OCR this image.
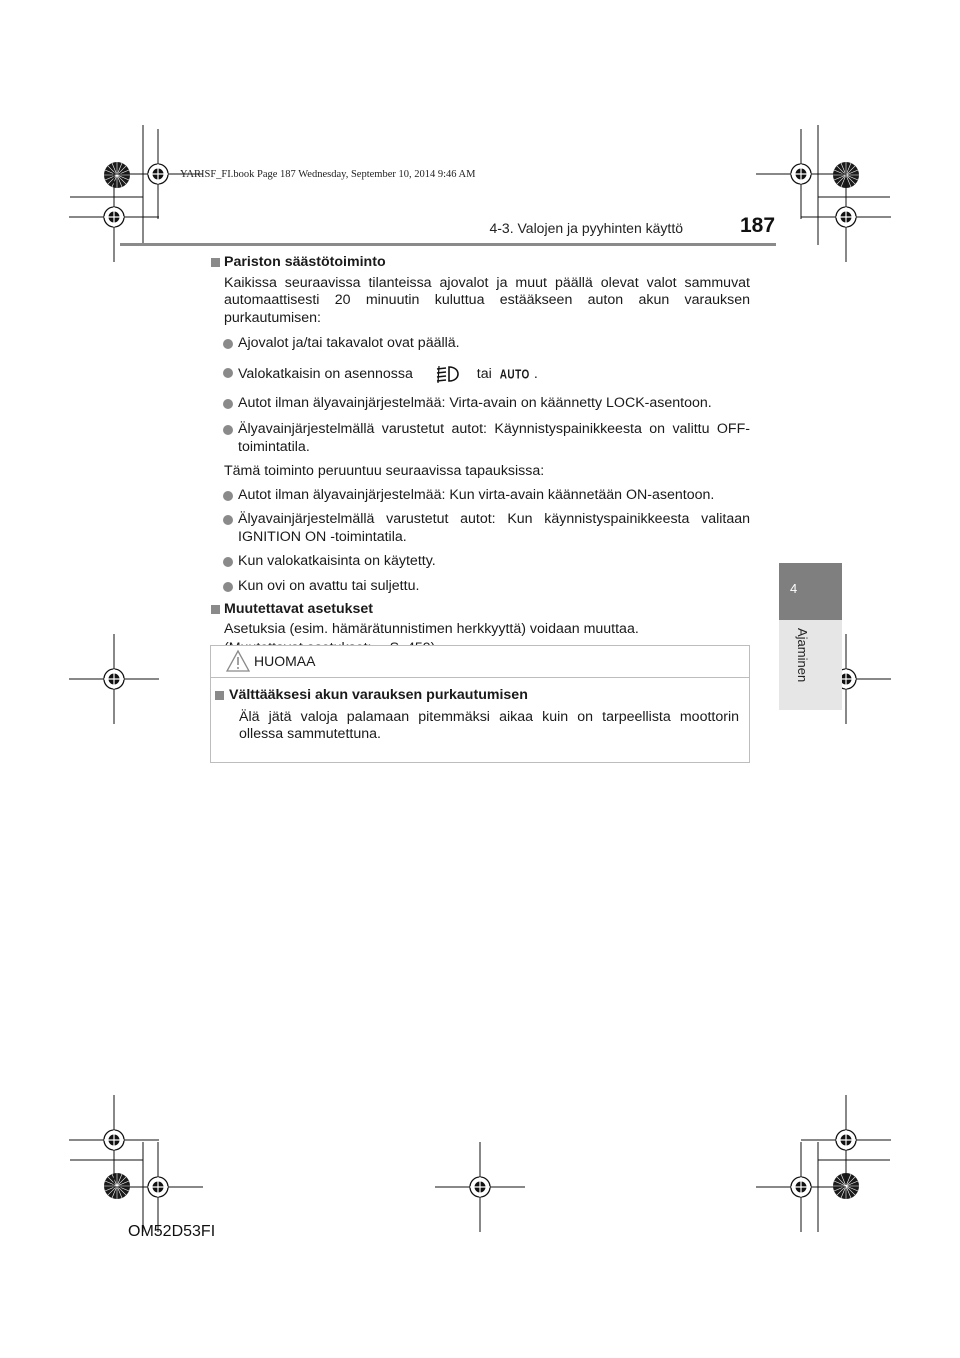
YARISF_FI.book Page 187 Wednesday, September 10, 2014 9:46 AM
4-3. Valojen ja pyyhinten käyttö	187
4
Ajaminen
Pariston säästötoiminto
Kaikissa seuraavissa tilanteissa ajovalot ja muut päällä olevat valot sammuvat automaattisesti 20 minuutin kuluttua estääkseen auton akun varauksen purkautumisen:
Ajovalot ja/tai takavalot ovat päällä.
Valokatkaisin on asennossa	tai AUTO .
Autot ilman älyavainjärjestelmää: Virta-avain on käännetty LOCK-asentoon.
Älyavainjärjestelmällä varustetut autot: Käynnistyspainikkeesta on valittu OFF-toimintatila.
Tämä toiminto peruuntuu seuraavissa tapauksissa:
Autot ilman älyavainjärjestelmää: Kun virta-avain käännetään ON-asentoon.
Älyavainjärjestelmällä varustetut autot: Kun käynnistyspainikkeesta valitaan IGNITION ON -toimintatila.
Kun valokatkaisinta on käytetty.
Kun ovi on avattu tai suljettu.
Muutettavat asetukset
Asetuksia (esim. hämärätunnistimen herkkyyttä) voidaan muuttaa.
HUOMAA
Välttääksesi akun varauksen purkautumisen
Älä jätä valoja palamaan pitemmäksi aikaa kuin on tarpeellista moottorin ollessa sammutettuna.
OM52D53FI
